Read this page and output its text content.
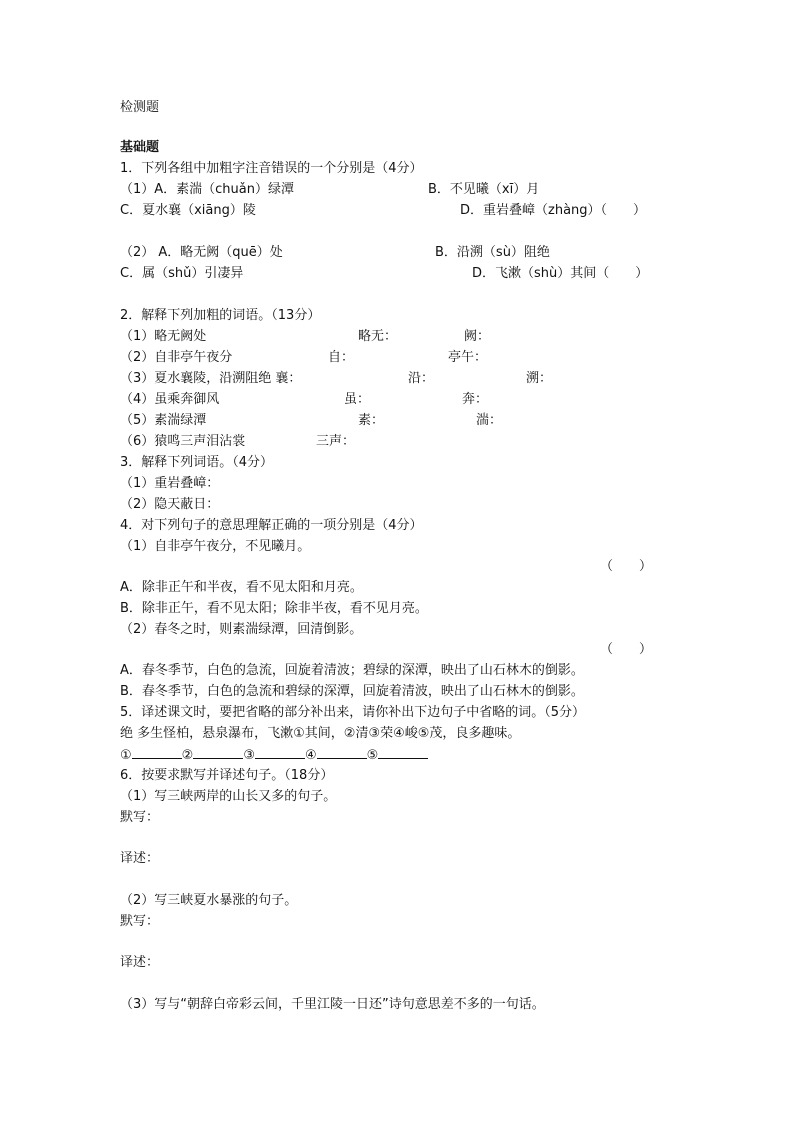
检测题
基础题
1．下列各组中加粗字注音错误的一个分别是（4分）
（1）A．素湍（chuǎn）绿潭	B．不见曦（xī）月
C．夏水襄（xiāng）陵	D．重岩叠嶂（zhàng）（　　）
（2） A．略无阙（quē）处	B．沿溯（sù）阻绝
C．属（shǔ）引凄异	D．飞漱（shù）其间（　　）
2．解释下列加粗的词语。（13分）
（1）略无阙处	略无：	阙：
（2）自非亭午夜分	自：	亭午：
（3）夏水襄陵，沿溯阻绝 襄：	沿：	溯：
（4）虽乘奔御风	虽：	奔：
（5）素湍绿潭	素：	湍：
（6）猿鸣三声泪沾裳	三声：
3．解释下列词语。（4分）
（1）重岩叠嶂：
（2）隐天蔽日：
4．对下列句子的意思理解正确的一项分别是（4分）
（1）自非亭午夜分，不见曦月。
（　　）
A．除非正午和半夜，看不见太阳和月亮。
B．除非正午，看不见太阳；除非半夜，看不见月亮。
（2）春冬之时，则素湍绿潭，回清倒影。
（　　）
A．春冬季节，白色的急流，回旋着清波；碧绿的深潭，映出了山石林木的倒影。
B．春冬季节，白色的急流和碧绿的深潭，回旋着清波，映出了山石林木的倒影。
5．译述课文时，要把省略的部分补出来，请你补出下边句子中省略的词。（5分）
绝 多生怪柏，悬泉瀑布，飞漱①其间，②清③荣④峻⑤茂，良多趣味。
①	②	③	④	⑤
6．按要求默写并译述句子。（18分）
（1）写三峡两岸的山长又多的句子。
默写：
译述：
（2）写三峡夏水暴涨的句子。
默写：
译述：
（3）写与“朝辞白帝彩云间，千里江陵一日还”诗句意思差不多的一句话。
